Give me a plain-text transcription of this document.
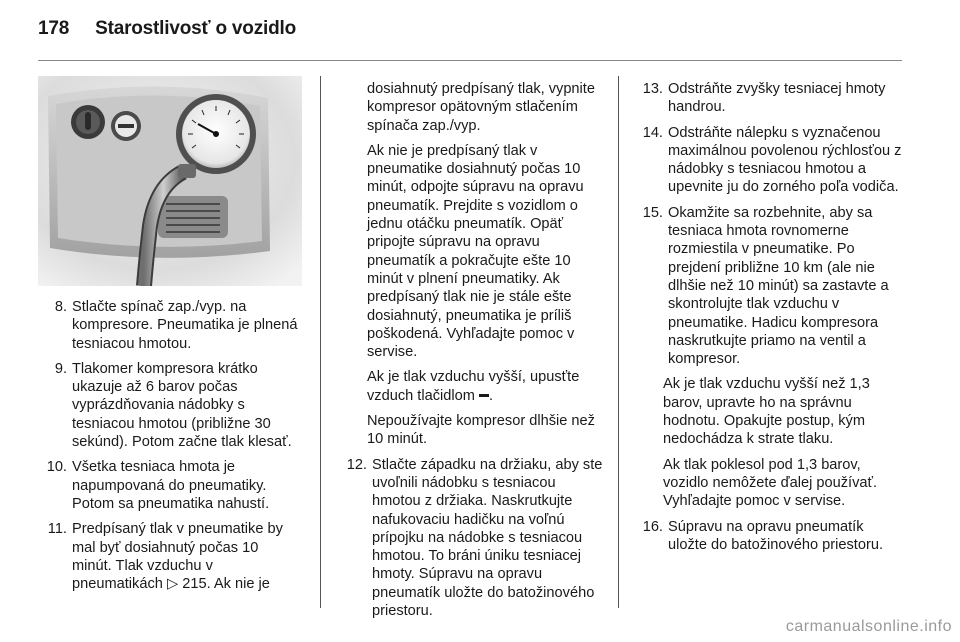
178 Starostlivosť o vozidlo
8. Stlačte spínač zap./vyp. na kompresore. Pneumatika je plnená tesniacou hmotou.
9. Tlakomer kompresora krátko ukazuje až 6 barov počas vyprázdňovania nádobky s tesniacou hmotou (približne 30 sekúnd). Potom začne tlak klesať.
10. Všetka tesniaca hmota je napumpovaná do pneumatiky. Potom sa pneumatika nahustí.
11. Predpísaný tlak v pneumatike by mal byť dosiahnutý počas 10 minút. Tlak vzduchu v pneumatikách ▷ 215. Ak nie je

dosiahnutý predpísaný tlak, vypnite kompresor opätovným stlačením spínača zap./vyp.

Ak nie je predpísaný tlak v pneumatike dosiahnutý počas 10 minút, odpojte súpravu na opravu pneumatík. Prejdite s vozidlom o jednu otáčku pneumatík. Opäť pripojte súpravu na opravu pneumatík a pokračujte ešte 10 minút v plnení pneumatiky. Ak predpísaný tlak nie je stále ešte dosiahnutý, pneumatika je príliš poškodená. Vyhľadajte pomoc v servise.

Ak je tlak vzduchu vyšší, upusťte vzduch tlačidlom .

Nepoužívajte kompresor dlhšie než 10 minút.

12. Stlačte západku na držiaku, aby ste uvoľnili nádobku s tesniacou hmotou z držiaka. Naskrutkujte nafukovaciu hadičku na voľnú prípojku na nádobke s tesniacou hmotou. To bráni úniku tesniacej hmoty. Súpravu na opravu pneumatík uložte do batožinového priestoru.
13. Odstráňte zvyšky tesniacej hmoty handrou.
14. Odstráňte nálepku s vyznačenou maximálnou povolenou rýchlosťou z nádobky s tesniacou hmotou a upevnite ju do zorného poľa vodiča.
15. Okamžite sa rozbehnite, aby sa tesniaca hmota rovnomerne rozmiestila v pneumatike. Po prejdení približne 10 km (ale nie dlhšie než 10 minút) sa zastavte a skontrolujte tlak vzduchu v pneumatike. Hadicu kompresora naskrutkujte priamo na ventil a kompresor.

Ak je tlak vzduchu vyšší než 1,3 barov, upravte ho na správnu hodnotu. Opakujte postup, kým nedochádza k strate tlaku.

Ak tlak poklesol pod 1,3 barov, vozidlo nemôžete ďalej používať. Vyhľadajte pomoc v servise.

16. Súpravu na opravu pneumatík uložte do batožinového priestoru.
carmanualsonline.info
